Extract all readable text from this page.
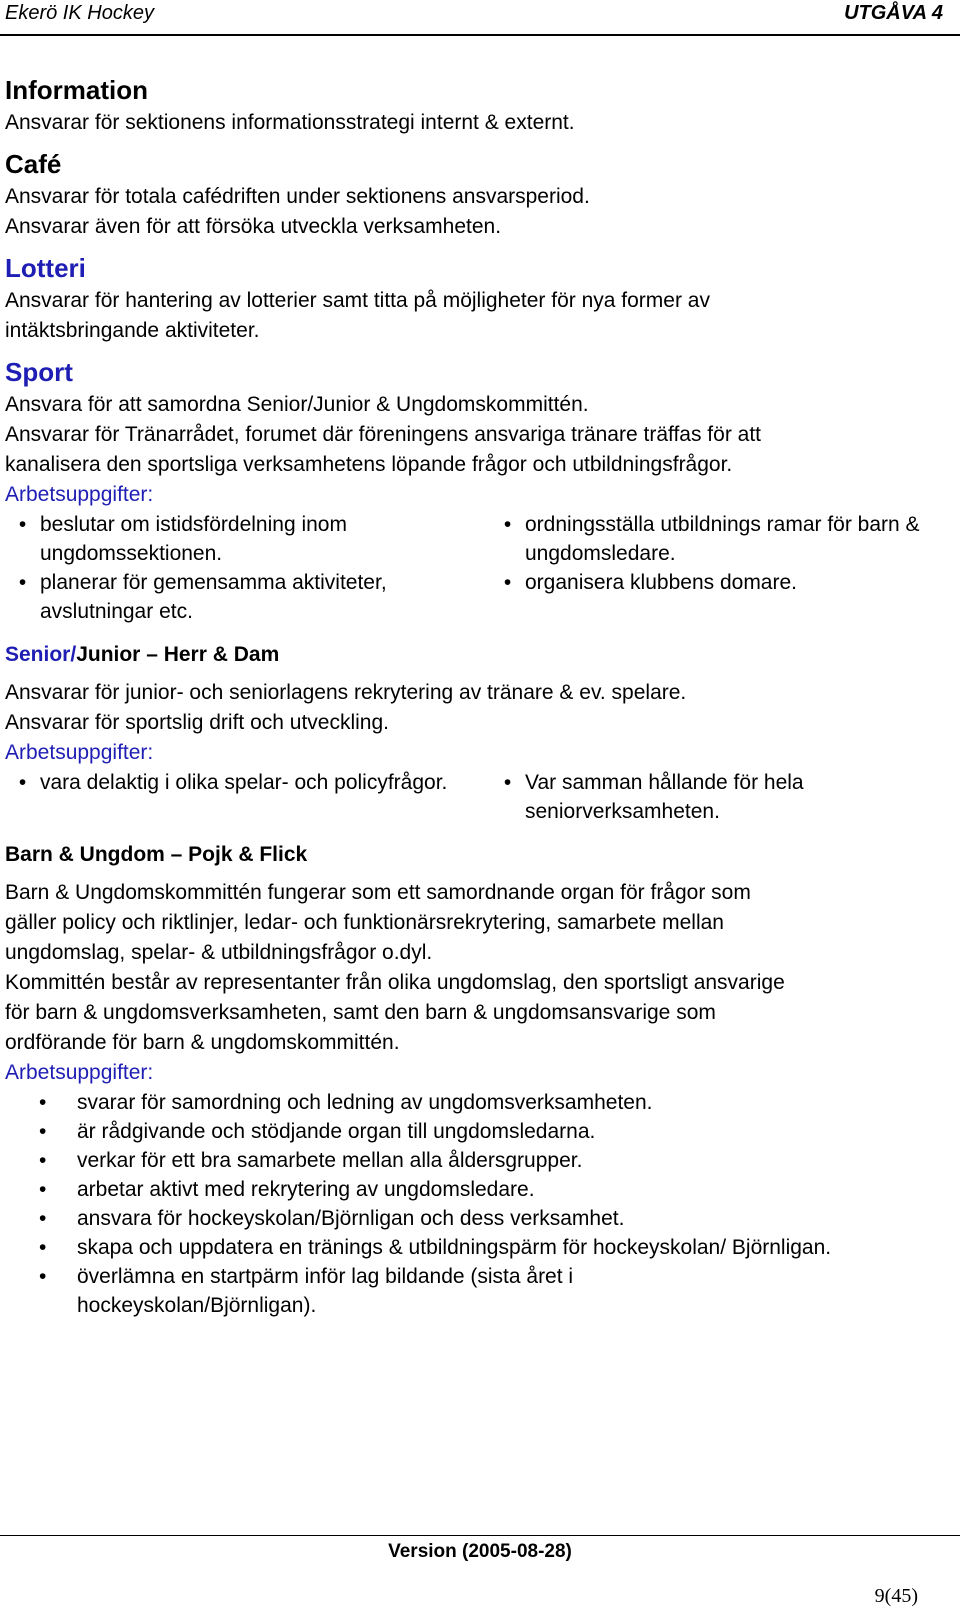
Ekerö IK Hockey	UTGÅVA 4
Information
Ansvarar för sektionens informationsstrategi internt & externt.
Café
Ansvarar för totala cafédriften under sektionens ansvarsperiod.
Ansvarar även för att försöka utveckla verksamheten.
Lotteri
Ansvarar för hantering av lotterier samt titta på möjligheter för nya former av
intäktsbringande aktiviteter.
Sport
Ansvara för att samordna Senior/Junior & Ungdomskommittén.
Ansvarar för Tränarrådet, forumet där föreningens ansvariga tränare träffas för att
kanalisera den sportsliga verksamhetens löpande frågor och utbildningsfrågor.
Arbetsuppgifter:
• beslutar om istidsfördelning inom ungdomssektionen.
• planerar för gemensamma aktiviteter, avslutningar etc.
• ordningsställa utbildnings ramar för barn & ungdomsledare.
• organisera klubbens domare.
Senior/Junior – Herr & Dam
Ansvarar för junior- och seniorlagens rekrytering av tränare & ev. spelare.
Ansvarar för sportslig drift och utveckling.
Arbetsuppgifter:
• vara delaktig i olika spelar- och policyfrågor.	• Var samman hållande för hela seniorverksamheten.
Barn & Ungdom – Pojk & Flick
Barn & Ungdomskommittén fungerar som ett samordnande organ för frågor som
gäller policy och riktlinjer, ledar- och funktionärsrekrytering, samarbete mellan
ungdomslag, spelar- & utbildningsfrågor o.dyl.
Kommittén består av representanter från olika ungdomslag, den sportsligt ansvarige
för barn & ungdomsverksamheten, samt den barn & ungdomsansvarige som
ordförande för barn & ungdomskommittén.
Arbetsuppgifter:
•	svarar för samordning och ledning av ungdomsverksamheten.
•	är rådgivande och stödjande organ till ungdomsledarna.
•	verkar för ett bra samarbete mellan alla åldersgrupper.
•	arbetar aktivt med rekrytering av ungdomsledare.
•	ansvara för hockeyskolan/Björnligan och dess verksamhet.
•	skapa och uppdatera en tränings & utbildningspärm för hockeyskolan/ Björnligan.
•	överlämna en startpärm inför lag bildande (sista året i hockeyskolan/Björnligan).
Version (2005-08-28)
9(45)
